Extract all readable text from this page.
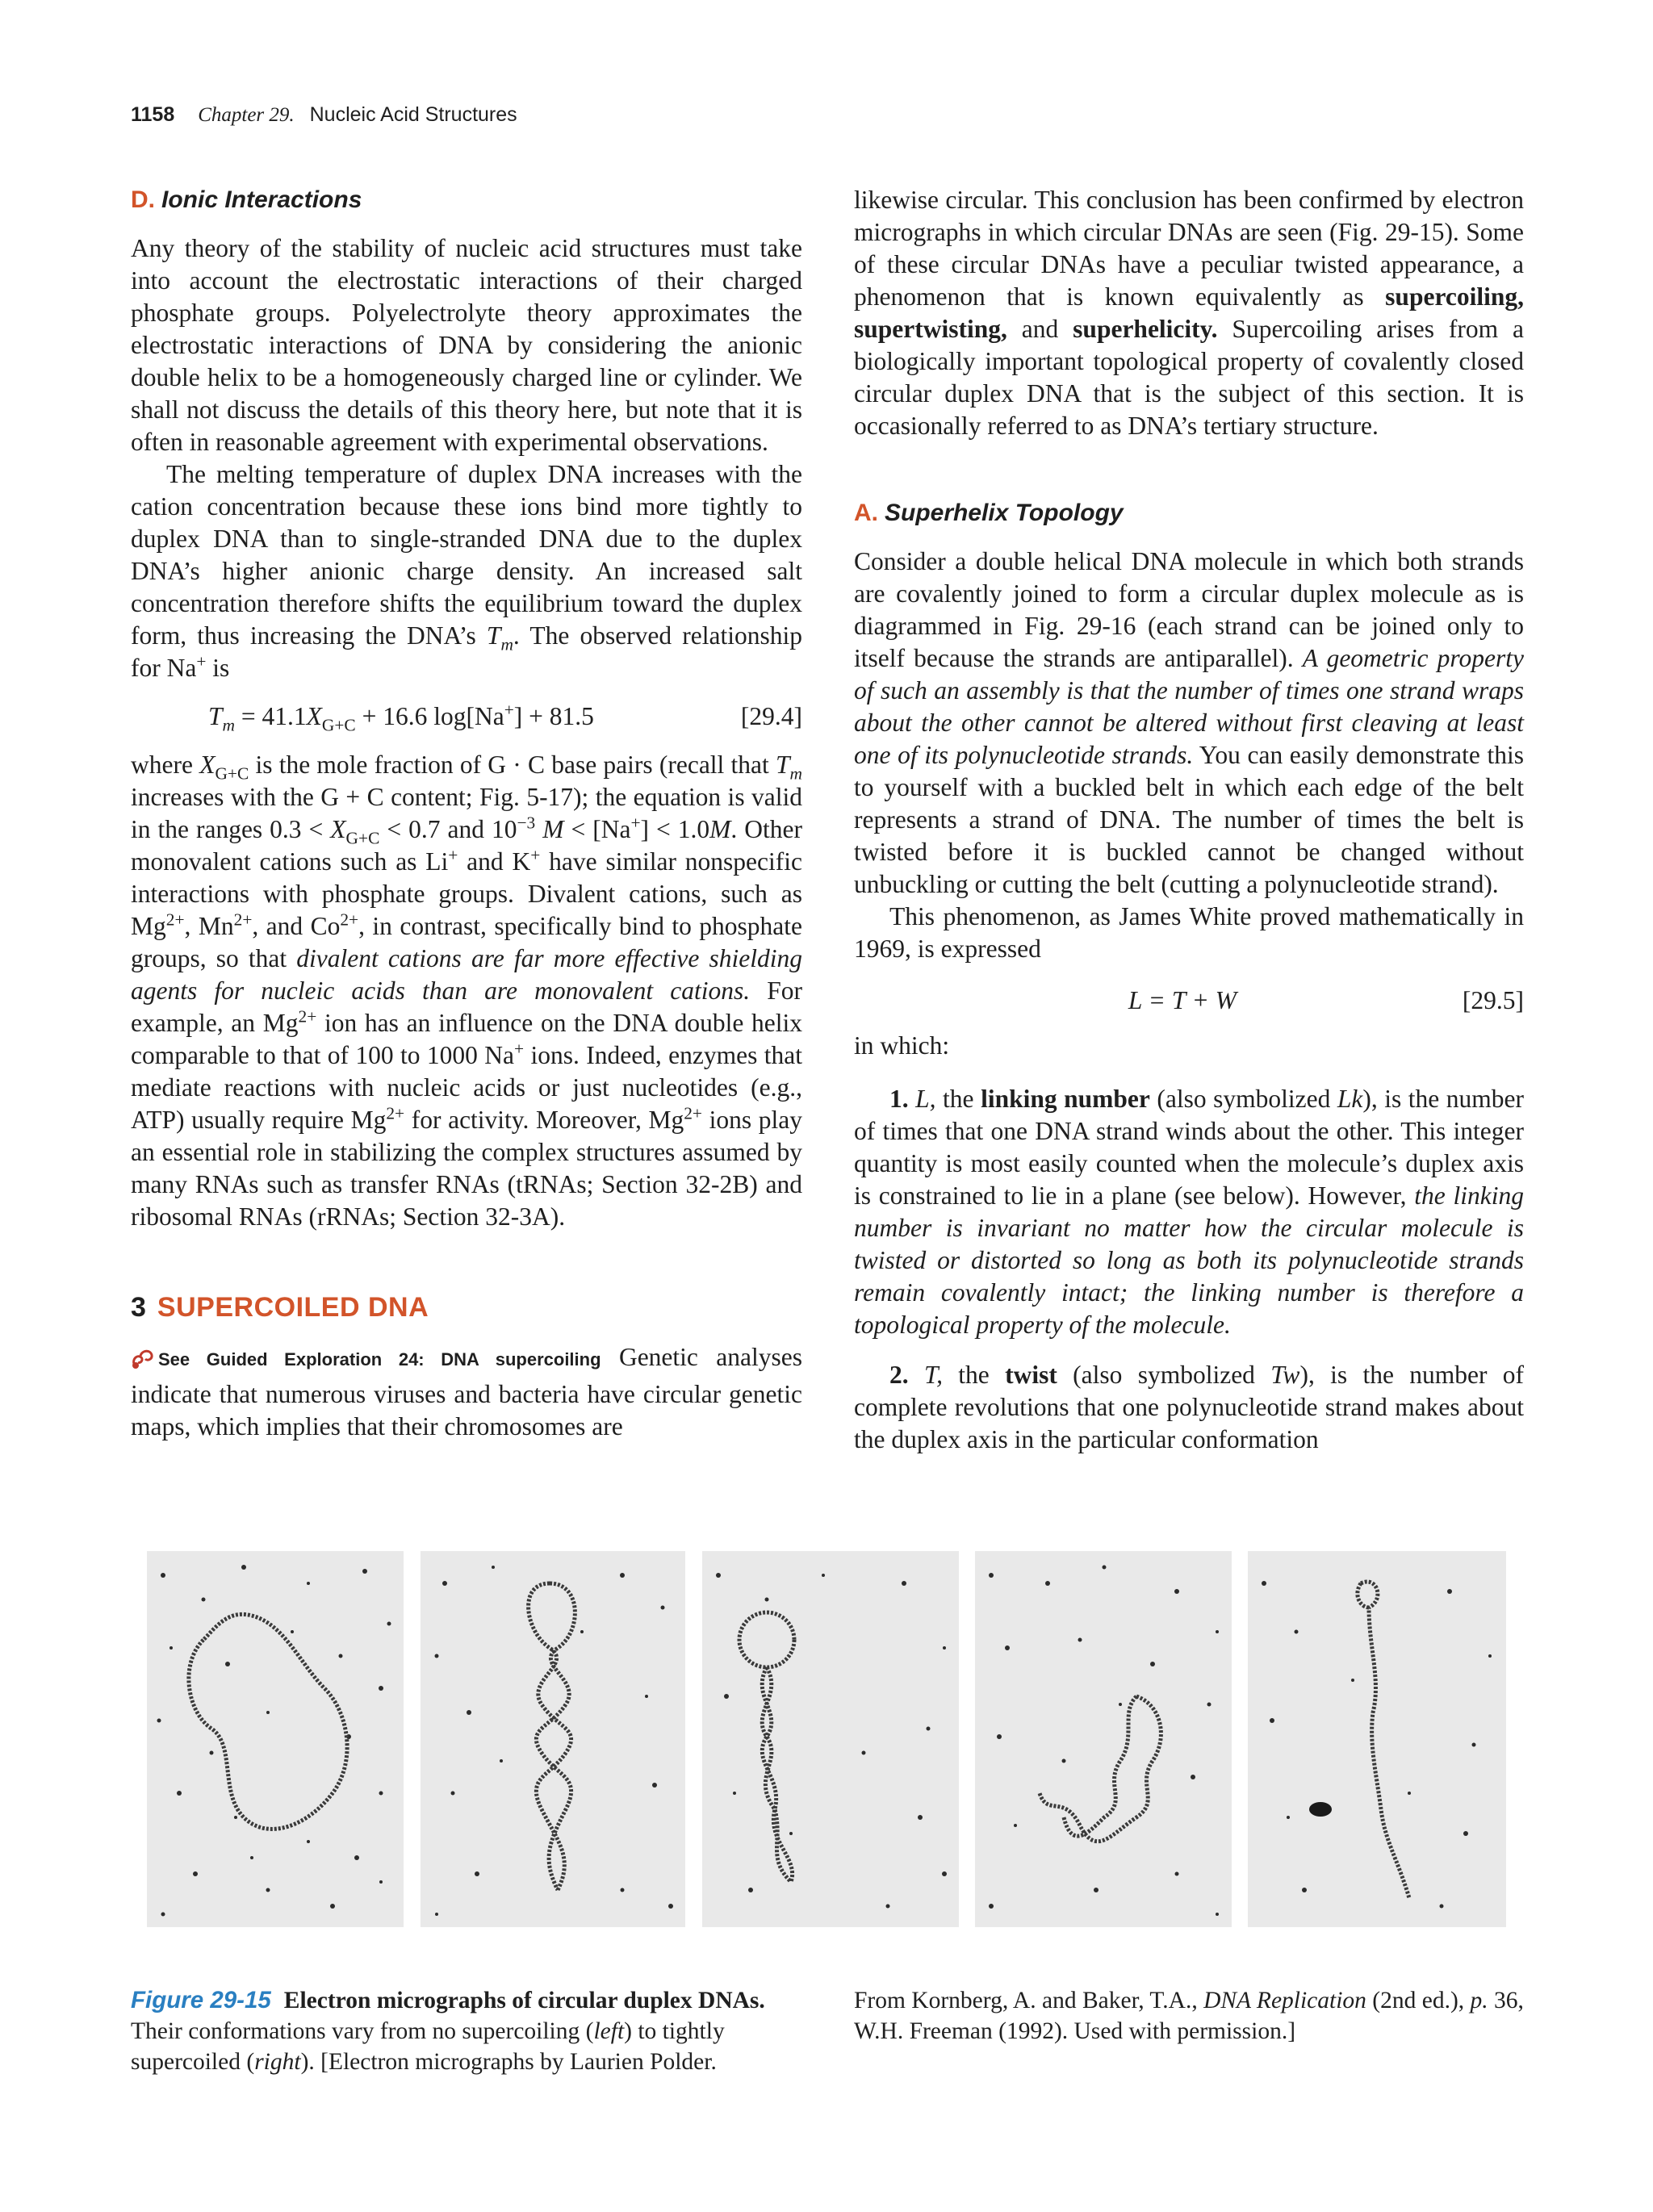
1158 Chapter 29. Nucleic Acid Structures
D. Ionic Interactions

Any theory of the stability of nucleic acid structures must take into account the electrostatic interactions of their charged phosphate groups. Polyelectrolyte theory approximates the electrostatic interactions of DNA by considering the anionic double helix to be a homogeneously charged line or cylinder. We shall not discuss the details of this theory here, but note that it is often in reasonable agreement with experimental observations.

The melting temperature of duplex DNA increases with the cation concentration because these ions bind more tightly to duplex DNA than to single-stranded DNA due to the duplex DNA’s higher anionic charge density. An increased salt concentration therefore shifts the equilibrium toward the duplex form, thus increasing the DNA’s $T_m$. The observed relationship for Na+ is

$T_m = 41.1X_{G+C} + 16.6$ log[Na+] + 81.5	[29.4]

where $X_{G+C}$ is the mole fraction of G · C base pairs (recall that $T_m$ increases with the G + C content; Fig. 5-17); the equation is valid in the ranges $0.3 < X_{G+C} < 0.7$ and $10^{-3}$ M < [Na+] < 1.0M. Other monovalent cations such as Li+ and K+ have similar nonspecific interactions with phosphate groups. Divalent cations, such as $Mg^{2+}$, $Mn^{2+}$, and $Co^{2+}$, in contrast, specifically bind to phosphate groups, so that divalent cations are far more effective shielding agents for nucleic acids than are monovalent cations. For example, an $Mg^{2+}$ ion has an influence on the DNA double helix comparable to that of 100 to 1000 Na+ ions. Indeed, enzymes that mediate reactions with nucleic acids or just nucleotides (e.g., ATP) usually require $Mg^{2+}$ for activity. Moreover, $Mg^{2+}$ ions play an essential role in stabilizing the complex structures assumed by many RNAs such as transfer RNAs (tRNAs; Section 32-2B) and ribosomal RNAs (rRNAs; Section 32-3A).

3 SUPERCOILED DNA

See Guided Exploration 24: DNA supercoiling Genetic analyses indicate that numerous viruses and bacteria have circular genetic maps, which implies that their chromosomes are

likewise circular. This conclusion has been confirmed by electron micrographs in which circular DNAs are seen (Fig. 29-15). Some of these circular DNAs have a peculiar twisted appearance, a phenomenon that is known equivalently as supercoiling, supertwisting, and superhelicity. Supercoiling arises from a biologically important topological property of covalently closed circular duplex DNA that is the subject of this section. It is occasionally referred to as DNA’s tertiary structure.

A. Superhelix Topology

Consider a double helical DNA molecule in which both strands are covalently joined to form a circular duplex molecule as is diagrammed in Fig. 29-16 (each strand can be joined only to itself because the strands are antiparallel). A geometric property of such an assembly is that the number of times one strand wraps about the other cannot be altered without first cleaving at least one of its polynucleotide strands. You can easily demonstrate this to yourself with a buckled belt in which each edge of the belt represents a strand of DNA. The number of times the belt is twisted before it is buckled cannot be changed without unbuckling or cutting the belt (cutting a polynucleotide strand).

This phenomenon, as James White proved mathematically in 1969, is expressed

L = T + W	[29.5]

in which:

1. L, the linking number (also symbolized Lk), is the number of times that one DNA strand winds about the other. This integer quantity is most easily counted when the molecule’s duplex axis is constrained to lie in a plane (see below). However, the linking number is invariant no matter how the circular molecule is twisted or distorted so long as both its polynucleotide strands remain covalently intact; the linking number is therefore a topological property of the molecule.

2. T, the twist (also symbolized Tw), is the number of complete revolutions that one polynucleotide strand makes about the duplex axis in the particular conformation

Figure 29-15 Electron micrographs of circular duplex DNAs. Their conformations vary from no supercoiling (left) to tightly supercoiled (right). [Electron micrographs by Laurien Polder.
From Kornberg, A. and Baker, T.A., DNA Replication (2nd ed.), p. 36, W.H. Freeman (1992). Used with permission.]
